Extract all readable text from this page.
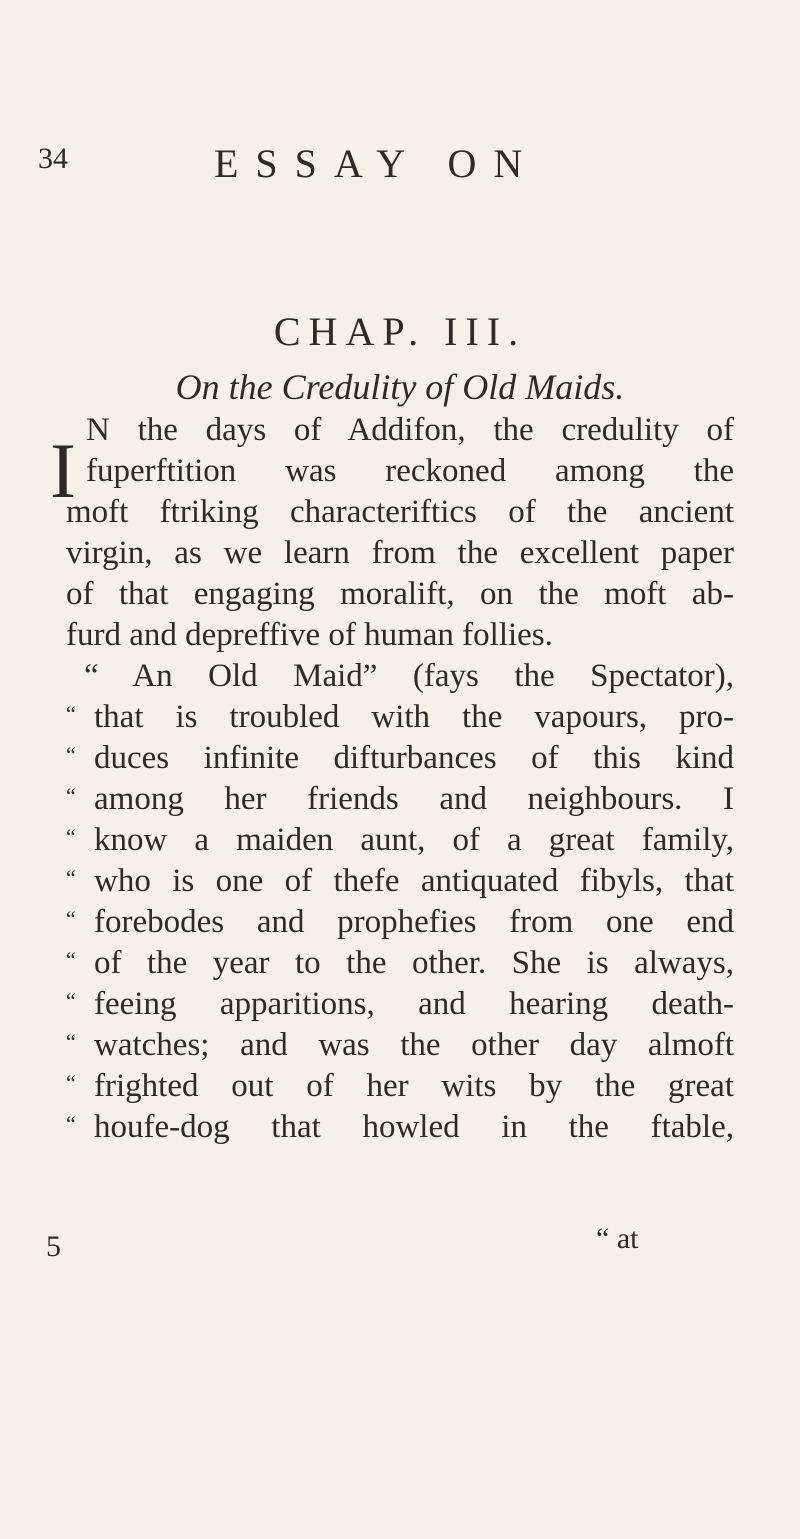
34	ESSAY ON
CHAP. III.
On the Credulity of Old Maids.
I N the days of Addifon, the credulity of
fuperftition was reckoned among the
moft ftriking characteriftics of the ancient
virgin, as we learn from the excellent paper
of that engaging moralift, on the moft ab-
furd and depreffive of human follies.
“ An Old Maid” (fays the Spectator),
“ that is troubled with the vapours, pro-
“ duces infinite difturbances of this kind
“ among her friends and neighbours. I
“ know a maiden aunt, of a great family,
“ who is one of thefe antiquated fibyls, that
“ forebodes and prophefies from one end
“ of the year to the other. She is always,
“ feeing apparitions, and hearing death-
“ watches; and was the other day almoft
“ frighted out of her wits by the great
“ houfe-dog that howled in the ftable,
5	“ at
